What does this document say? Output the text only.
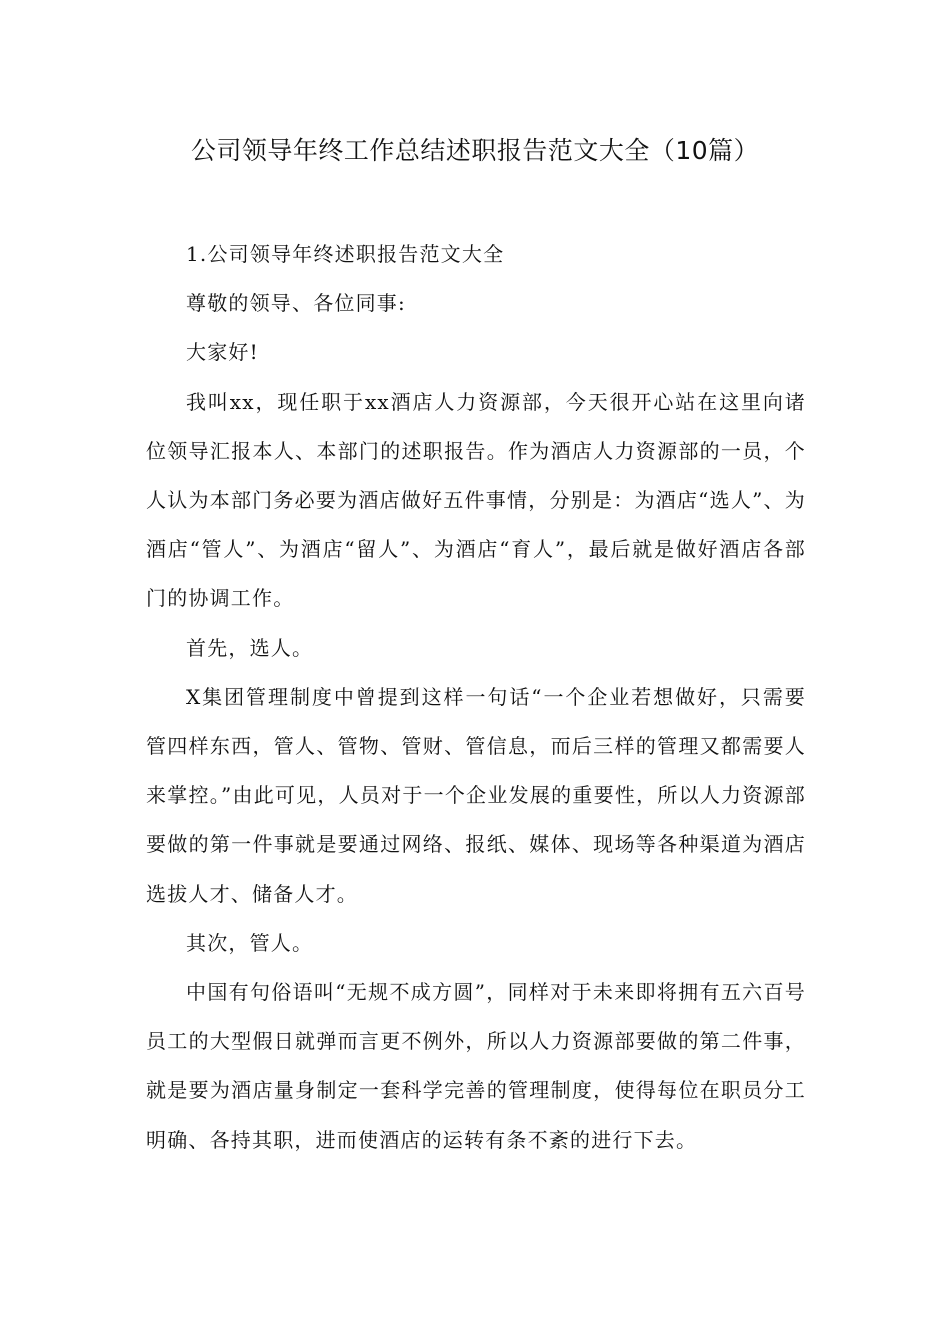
公司领导年终工作总结述职报告范文大全（10篇）

1.公司领导年终述职报告范文大全

尊敬的领导、各位同事:

大家好!

我叫xx，现任职于xx酒店人力资源部，今天很开心站在这里向诸位领导汇报本人、本部门的述职报告。作为酒店人力资源部的一员，个人认为本部门务必要为酒店做好五件事情，分别是：为酒店“选人”、为酒店“管人”、为酒店“留人”、为酒店“育人”，最后就是做好酒店各部门的协调工作。

首先，选人。

X集团管理制度中曾提到这样一句话“一个企业若想做好，只需要管四样东西，管人、管物、管财、管信息，而后三样的管理又都需要人来掌控。”由此可见，人员对于一个企业发展的重要性，所以人力资源部要做的第一件事就是要通过网络、报纸、媒体、现场等各种渠道为酒店选拔人才、储备人才。

其次，管人。

中国有句俗语叫“无规不成方圆”，同样对于未来即将拥有五六百号员工的大型假日就弹而言更不例外，所以人力资源部要做的第二件事，就是要为酒店量身制定一套科学完善的管理制度，使得每位在职员分工明确、各持其职，进而使酒店的运转有条不紊的进行下去。
